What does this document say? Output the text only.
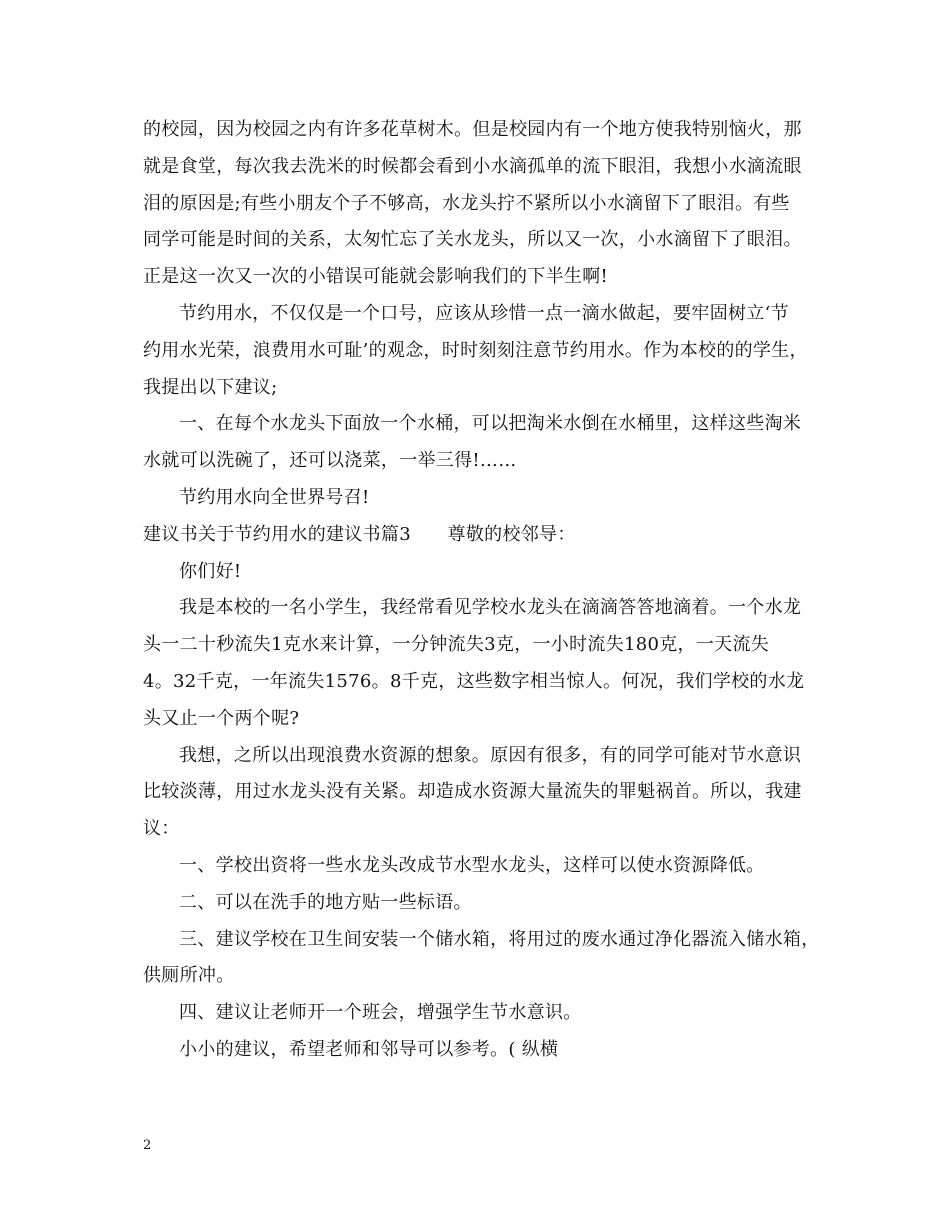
的校园，因为校园之内有许多花草树木。但是校园内有一个地方使我特别恼火，那
就是食堂，每次我去洗米的时候都会看到小水滴孤单的流下眼泪，我想小水滴流眼
泪的原因是;有些小朋友个子不够高，水龙头拧不紧所以小水滴留下了眼泪。有些
同学可能是时间的关系，太匆忙忘了关水龙头，所以又一次，小水滴留下了眼泪。
正是这一次又一次的小错误可能就会影响我们的下半生啊!
节约用水，不仅仅是一个口号，应该从珍惜一点一滴水做起，要牢固树立‘节
约用水光荣，浪费用水可耻’的观念，时时刻刻注意节约用水。作为本校的的学生，
我提出以下建议;
一、在每个水龙头下面放一个水桶，可以把淘米水倒在水桶里，这样这些淘米
水就可以洗碗了，还可以浇菜，一举三得!……
节约用水向全世界号召!
建议书关于节约用水的建议书篇3　　尊敬的校邻导：
你们好!
我是本校的一名小学生，我经常看见学校水龙头在滴滴答答地滴着。一个水龙
头一二十秒流失1克水来计算，一分钟流失3克，一小时流失180克，一天流失
4。32千克，一年流失1576。8千克，这些数字相当惊人。何况，我们学校的水龙
头又止一个两个呢?
我想，之所以出现浪费水资源的想象。原因有很多，有的同学可能对节水意识
比较淡薄，用过水龙头没有关紧。却造成水资源大量流失的罪魁祸首。所以，我建
议：
一、学校出资将一些水龙头改成节水型水龙头，这样可以使水资源降低。
二、可以在洗手的地方贴一些标语。
三、建议学校在卫生间安装一个储水箱，将用过的废水通过净化器流入储水箱，
供厕所冲。
四、建议让老师开一个班会，增强学生节水意识。
小小的建议，希望老师和邻导可以参考。( 纵横
2
